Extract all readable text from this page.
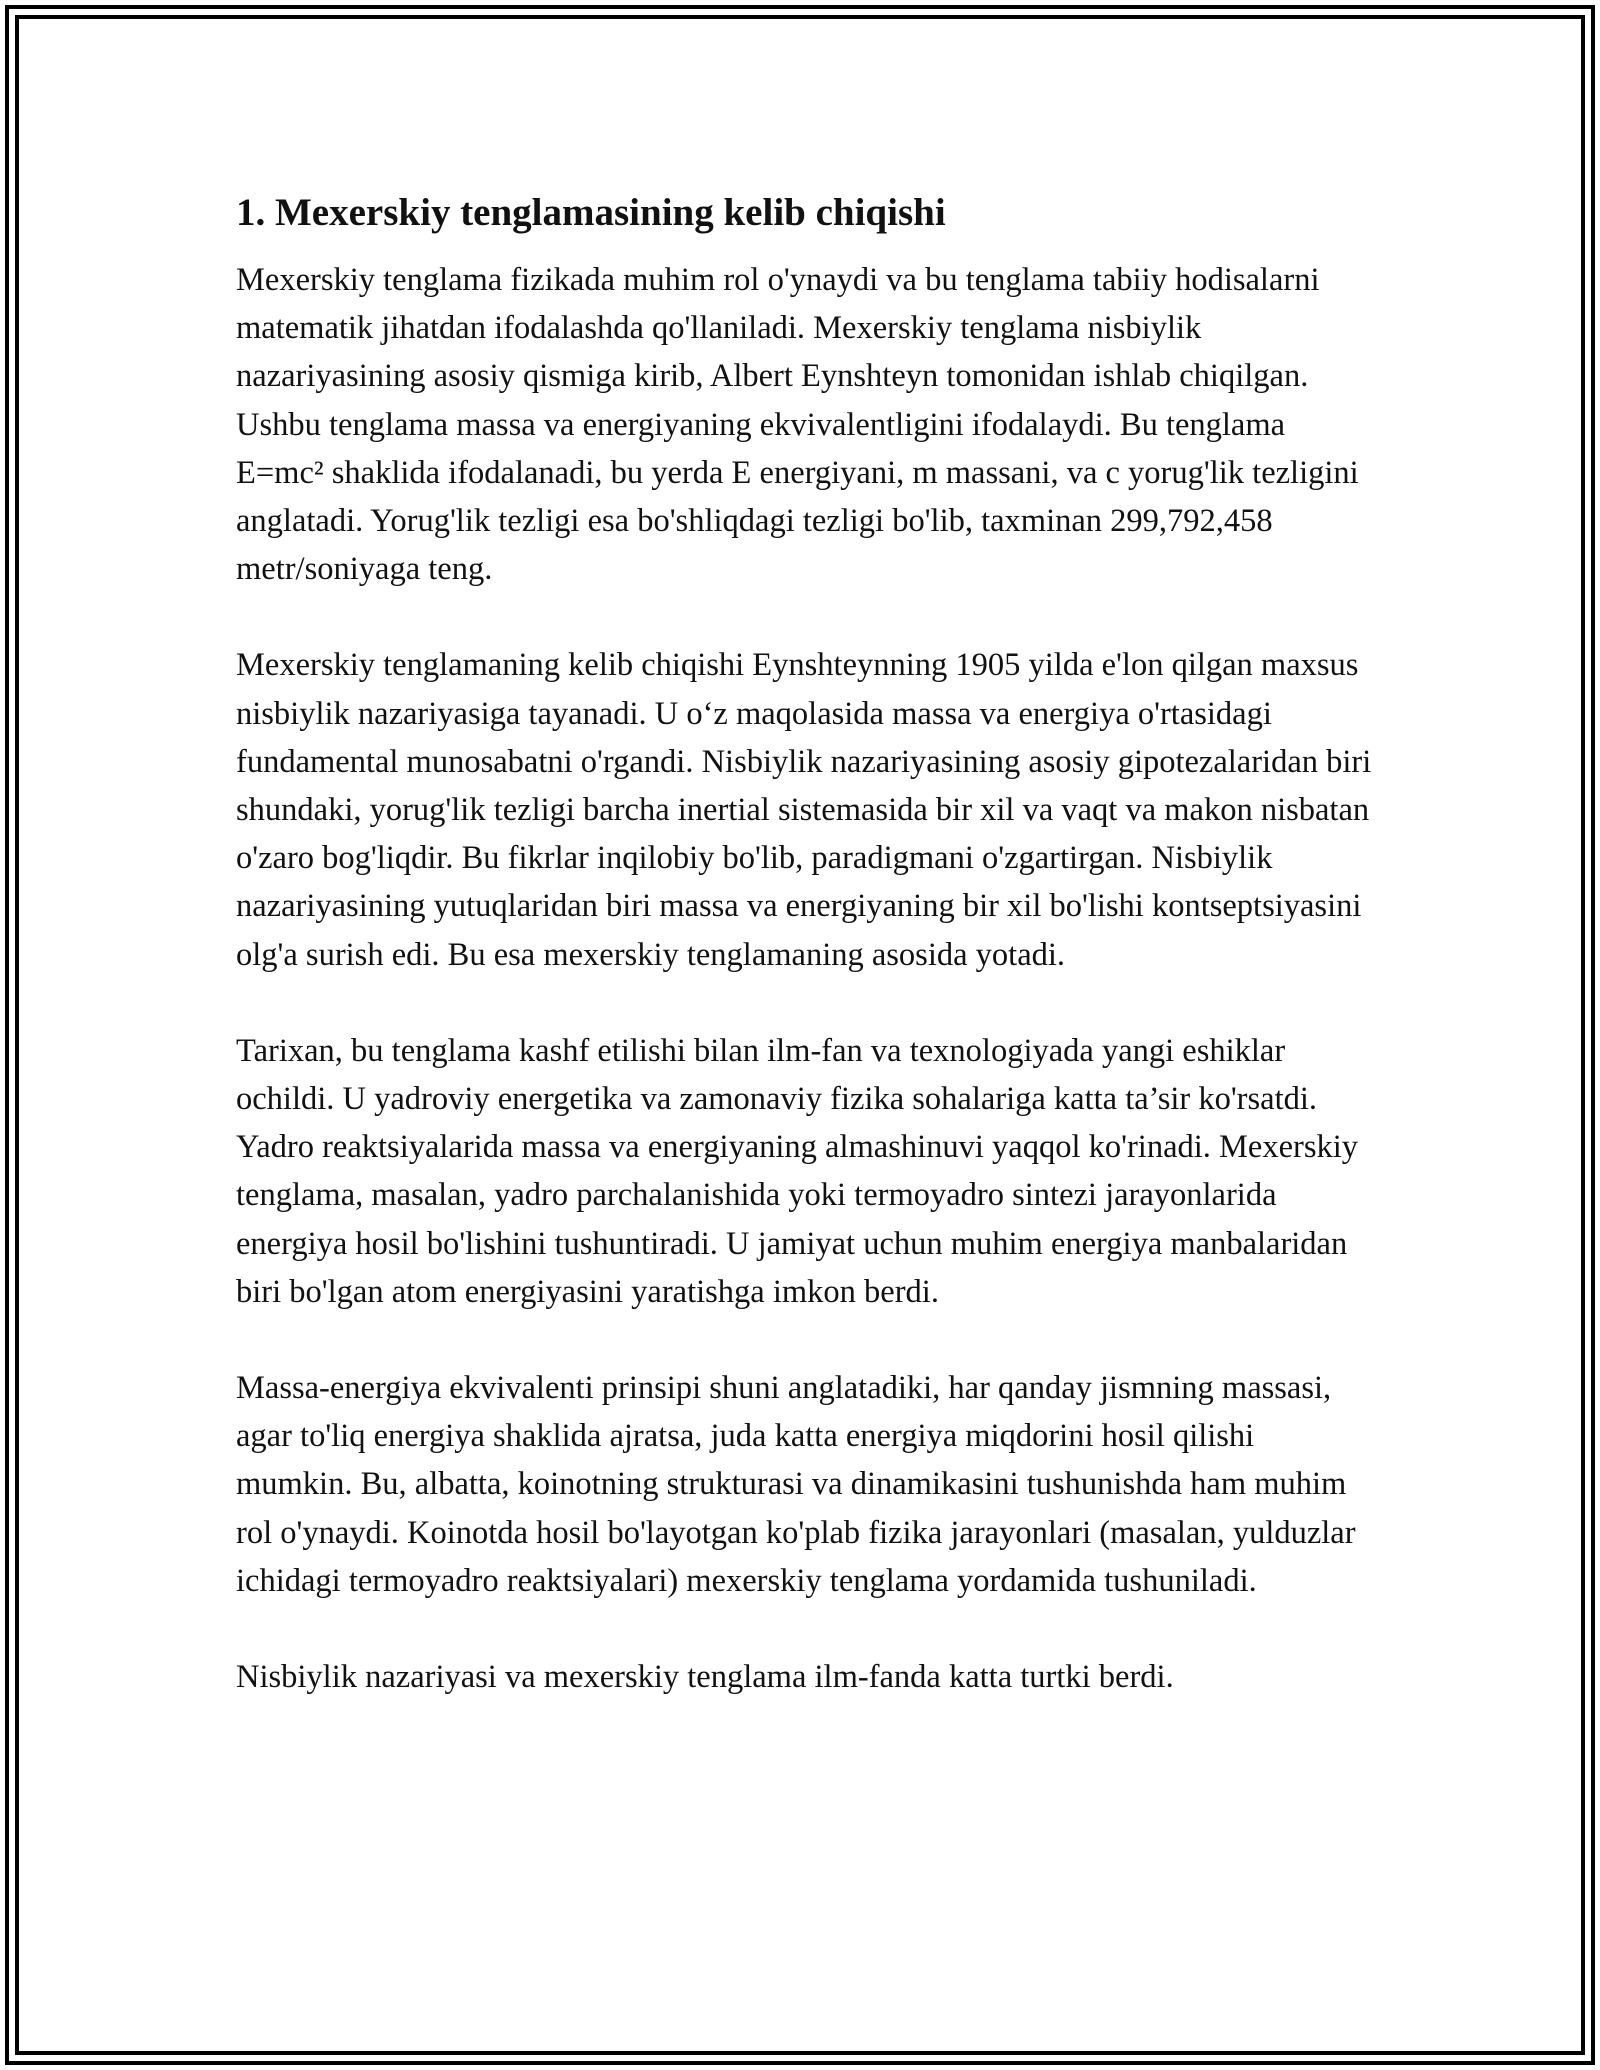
1. Mexerskiy tenglamasining kelib chiqishi

Mexerskiy tenglama fizikada muhim rol o'ynaydi va bu tenglama tabiiy hodisalarni matematik jihatdan ifodalashda qo'llaniladi. Mexerskiy tenglama nisbiylik nazariyasining asosiy qismiga kirib, Albert Eynshteyn tomonidan ishlab chiqilgan. Ushbu tenglama massa va energiyaning ekvivalentligini ifodalaydi. Bu tenglama E=mc² shaklida ifodalanadi, bu yerda E energiyani, m massani, va c yorug'lik tezligini anglatadi. Yorug'lik tezligi esa bo'shliqdagi tezligi bo'lib, taxminan 299,792,458 metr/soniyaga teng.

Mexerskiy tenglamaning kelib chiqishi Eynshteynning 1905 yilda e'lon qilgan maxsus nisbiylik nazariyasiga tayanadi. U o‘z maqolasida massa va energiya o'rtasidagi fundamental munosabatni o'rgandi. Nisbiylik nazariyasining asosiy gipotezalaridan biri shundaki, yorug'lik tezligi barcha inertial sistemasida bir xil va vaqt va makon nisbatan o'zaro bog'liqdir. Bu fikrlar inqilobiy bo'lib, paradigmani o'zgartirgan. Nisbiylik nazariyasining yutuqlaridan biri massa va energiyaning bir xil bo'lishi kontseptsiyasini olg'a surish edi. Bu esa mexerskiy tenglamaning asosida yotadi.

Tarixan, bu tenglama kashf etilishi bilan ilm-fan va texnologiyada yangi eshiklar ochildi. U yadroviy energetika va zamonaviy fizika sohalariga katta ta’sir ko'rsatdi. Yadro reaktsiyalarida massa va energiyaning almashinuvi yaqqol ko'rinadi. Mexerskiy tenglama, masalan, yadro parchalanishida yoki termoyadro sintezi jarayonlarida energiya hosil bo'lishini tushuntiradi. U jamiyat uchun muhim energiya manbalaridan biri bo'lgan atom energiyasini yaratishga imkon berdi.

Massa-energiya ekvivalenti prinsipi shuni anglatadiki, har qanday jismning massasi, agar to'liq energiya shaklida ajratsa, juda katta energiya miqdorini hosil qilishi mumkin. Bu, albatta, koinotning strukturasi va dinamikasini tushunishda ham muhim rol o'ynaydi. Koinotda hosil bo'layotgan ko'plab fizika jarayonlari (masalan, yulduzlar ichidagi termoyadro reaktsiyalari) mexerskiy tenglama yordamida tushuniladi.

Nisbiylik nazariyasi va mexerskiy tenglama ilm-fanda katta turtki berdi.
